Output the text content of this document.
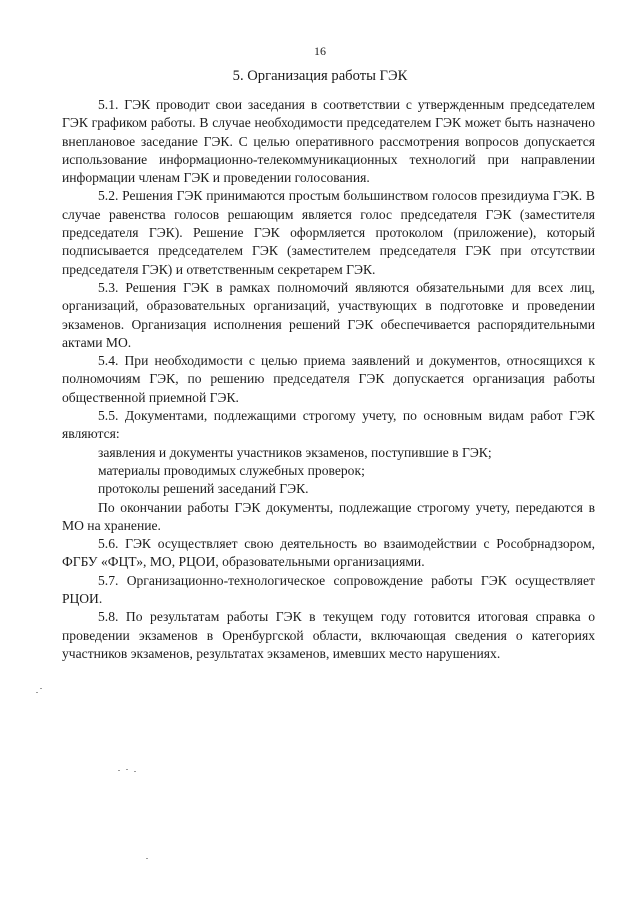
16
5. Организация работы ГЭК

5.1. ГЭК проводит свои заседания в соответствии с утвержденным председателем ГЭК графиком работы. В случае необходимости председателем ГЭК может быть назначено внеплановое заседание ГЭК. С целью оперативного рассмотрения вопросов допускается использование информационно-телекоммуникационных технологий при направлении информации членам ГЭК и проведении голосования.

5.2. Решения ГЭК принимаются простым большинством голосов президиума ГЭК. В случае равенства голосов решающим является голос председателя ГЭК (заместителя председателя ГЭК). Решение ГЭК оформляется протоколом (приложение), который подписывается председателем ГЭК (заместителем председателя ГЭК при отсутствии председателя ГЭК) и ответственным секретарем ГЭК.

5.3. Решения ГЭК в рамках полномочий являются обязательными для всех лиц, организаций, образовательных организаций, участвующих в подготовке и проведении экзаменов. Организация исполнения решений ГЭК обеспечивается распорядительными актами МО.

5.4. При необходимости с целью приема заявлений и документов, относящихся к полномочиям ГЭК, по решению председателя ГЭК допускается организация работы общественной приемной ГЭК.

5.5. Документами, подлежащими строгому учету, по основным видам работ ГЭК являются:

заявления и документы участников экзаменов, поступившие в ГЭК;

материалы проводимых служебных проверок;

протоколы решений заседаний ГЭК.

По окончании работы ГЭК документы, подлежащие строгому учету, передаются в МО на хранение.

5.6. ГЭК осуществляет свою деятельность во взаимодействии с Рособрнадзором, ФГБУ «ФЦТ», МО, РЦОИ, образовательными организациями.

5.7. Организационно-технологическое сопровождение работы ГЭК осуществляет РЦОИ.

5.8. По результатам работы ГЭК в текущем году готовится итоговая справка о проведении экзаменов в Оренбургской области, включающая сведения о категориях участников экзаменов, результатах экзаменов, имевших место нарушениях.
